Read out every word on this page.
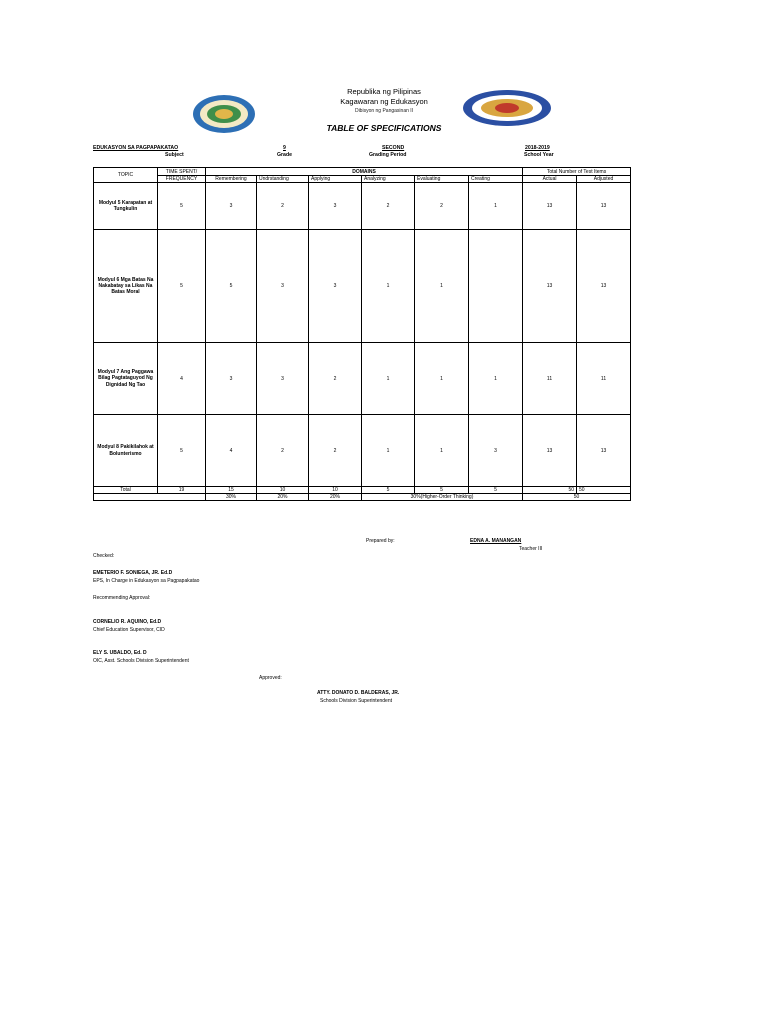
Republika ng Pilipinas
Kagawaran ng Edukasyon
Dibisyon ng Pangasinan II
TABLE OF SPECIFICATIONS
EDUKASYON SA PAGPAPAKATAO
Subject
9
Grade
SECOND
Grading Period
2018-2019
School Year
TOPIC	TIME SPENT/	DOMAINS						Total Number of Test Items	
	FREQUENCY	Remembering	Undrstanding	Applying	Analyzing	Evaluating	Creating	Actual	Adjusted
Modyul 5 Karapatan at Tungkulin	5	3	2	3	2	2	1	13	13
Modyul 6 Mga Batas Na Nakabatay sa Likas Na Batas Moral	5	5	3	3	1	1		13	13
Modyul 7 Ang Paggawa Bilag Pagtataguyod Ng Dignidad Ng Tao	4	3	3	2	1	1	1	11	11
Modyul 8 Pakikilahok at Bolunterismo	5	4	2	2	1	1	3	13	13
Total	19	15	10	10	5	5	5	50	50
		30%	20%	20%	30%(Higher-Order Thinking)			50	
Prepared by:	EDNA A. MANANGAN
Teacher III
Checked:
EMETERIO F. SONIEGA, JR. Ed.D
EPS, In Charge in Edukasyon sa Pagpapakatao
Recommending Approval:
CORNELIO R. AQUINO, Ed.D
Chief Education Supervisor, CID
ELY S. UBALDO, Ed. D
OIC, Asst. Schools Division Superintendent
Approved:
ATTY. DONATO D. BALDERAS, JR.
Schools Division Superintendent
